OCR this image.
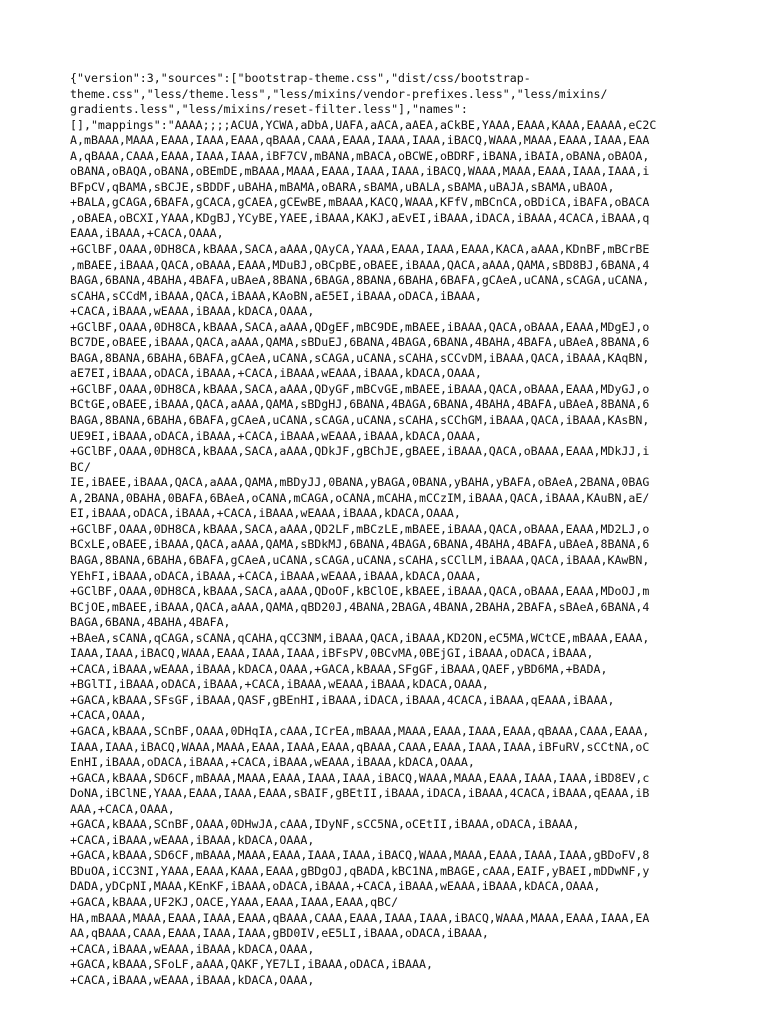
{"version":3,"sources":["bootstrap-theme.css","dist/css/bootstrap-
theme.css","less/theme.less","less/mixins/vendor-prefixes.less","less/mixins/
gradients.less","less/mixins/reset-filter.less"],"names":
[],"mappings":"AAAA;;;;ACUA,YCWA,aDbA,UAFA,aACA,aAEA,aCkBE,YAAA,EAAA,KAAA,EAAAA,eC2C
A,mBAAA,MAAA,EAAA,IAAA,EAAA,qBAAA,CAAA,EAAA,IAAA,IAAA,iBACQ,WAAA,MAAA,EAAA,IAAA,EAA
A,qBAAA,CAAA,EAAA,IAAA,IAAA,iBF7CV,mBANA,mBACA,oBCWE,oBDRF,iBANA,iBAIA,oBANA,oBAOA,
oBANA,oBAQA,oBANA,oBEmDE,mBAAA,MAAA,EAAA,IAAA,IAAA,iBACQ,WAAA,MAAA,EAAA,IAAA,IAAA,i
BFpCV,qBAMA,sBCJE,sBDDF,uBAHA,mBAMA,oBARA,sBAMA,uBALA,sBAMA,uBAJA,sBAMA,uBAOA,
+BALA,gCAGA,6BAFA,gCACA,gCAEA,gCEwBE,mBAAA,KACQ,WAAA,KFfV,mBCnCA,oBDiCA,iBAFA,oBACA
,oBAEA,oBCXI,YAAA,KDgBJ,YCyBE,YAEE,iBAAA,KAKJ,aEvEI,iBAAA,iDACA,iBAAA,4CACA,iBAAA,q
EAAA,iBAAA,+CACA,OAAA,
+GClBF,OAAA,0DH8CA,kBAAA,SACA,aAAA,QAyCA,YAAA,EAAA,IAAA,EAAA,KACA,aAAA,KDnBF,mBCrBE
,mBAEE,iBAAA,QACA,oBAAA,EAAA,MDuBJ,oBCpBE,oBAEE,iBAAA,QACA,aAAA,QAMA,sBD8BJ,6BANA,4
BAGA,6BANA,4BAHA,4BAFA,uBAeA,8BANA,6BAGA,8BANA,6BAHA,6BAFA,gCAeA,uCANA,sCAGA,uCANA,
sCAHA,sCCdM,iBAAA,QACA,iBAAA,KAoBN,aE5EI,iBAAA,oDACA,iBAAA,
+CACA,iBAAA,wEAAA,iBAAA,kDACA,OAAA,
+GClBF,OAAA,0DH8CA,kBAAA,SACA,aAAA,QDgEF,mBC9DE,mBAEE,iBAAA,QACA,oBAAA,EAAA,MDgEJ,o
BC7DE,oBAEE,iBAAA,QACA,aAAA,QAMA,sBDuEJ,6BANA,4BAGA,6BANA,4BAHA,4BAFA,uBAeA,8BANA,6
BAGA,8BANA,6BAHA,6BAFA,gCAeA,uCANA,sCAGA,uCANA,sCAHA,sCCvDM,iBAAA,QACA,iBAAA,KAqBN,
aE7EI,iBAAA,oDACA,iBAAA,+CACA,iBAAA,wEAAA,iBAAA,kDACA,OAAA,
+GClBF,OAAA,0DH8CA,kBAAA,SACA,aAAA,QDyGF,mBCvGE,mBAEE,iBAAA,QACA,oBAAA,EAAA,MDyGJ,o
BCtGE,oBAEE,iBAAA,QACA,aAAA,QAMA,sBDgHJ,6BANA,4BAGA,6BANA,4BAHA,4BAFA,uBAeA,8BANA,6
BAGA,8BANA,6BAHA,6BAFA,gCAeA,uCANA,sCAGA,uCANA,sCAHA,sCChGM,iBAAA,QACA,iBAAA,KAsBN,
UE9EI,iBAAA,oDACA,iBAAA,+CACA,iBAAA,wEAAA,iBAAA,kDACA,OAAA,
+GClBF,OAAA,0DH8CA,kBAAA,SACA,aAAA,QDkJF,gBChJE,gBAEE,iBAAA,QACA,oBAAA,EAAA,MDkJJ,i
BC/
IE,iBAEE,iBAAA,QACA,aAAA,QAMA,mBDyJJ,0BANA,yBAGA,0BANA,yBAHA,yBAFA,oBAeA,2BANA,0BAG
A,2BANA,0BAHA,0BAFA,6BAeA,oCANA,mCAGA,oCANA,mCAHA,mCCzIM,iBAAA,QACA,iBAAA,KAuBN,aE/
EI,iBAAA,oDACA,iBAAA,+CACA,iBAAA,wEAAA,iBAAA,kDACA,OAAA,
+GClBF,OAAA,0DH8CA,kBAAA,SACA,aAAA,QD2LF,mBCzLE,mBAEE,iBAAA,QACA,oBAAA,EAAA,MD2LJ,o
BCxLE,oBAEE,iBAAA,QACA,aAAA,QAMA,sBDkMJ,6BANA,4BAGA,6BANA,4BAHA,4BAFA,uBAeA,8BANA,6
BAGA,8BANA,6BAHA,6BAFA,gCAeA,uCANA,sCAGA,uCANA,sCAHA,sCClLM,iBAAA,QACA,iBAAA,KAwBN,
YEhFI,iBAAA,oDACA,iBAAA,+CACA,iBAAA,wEAAA,iBAAA,kDACA,OAAA,
+GClBF,OAAA,0DH8CA,kBAAA,SACA,aAAA,QDoOF,kBClOE,kBAEE,iBAAA,QACA,oBAAA,EAAA,MDoOJ,m
BCjOE,mBAEE,iBAAA,QACA,aAAA,QAMA,qBD20J,4BANA,2BAGA,4BANA,2BAHA,2BAFA,sBAeA,6BANA,4
BAGA,6BANA,4BAHA,4BAFA,
+BAeA,sCANA,qCAGA,sCANA,qCAHA,qCC3NM,iBAAA,QACA,iBAAA,KD2ON,eC5MA,WCtCE,mBAAA,EAAA,
IAAA,IAAA,iBACQ,WAAA,EAAA,IAAA,IAAA,iBFsPV,0BCvMA,0BEjGI,iBAAA,oDACA,iBAAA,
+CACA,iBAAA,wEAAA,iBAAA,kDACA,OAAA,+GACA,kBAAA,SFgGF,iBAAA,QAEF,yBD6MA,+BADA,
+BGlTI,iBAAA,oDACA,iBAAA,+CACA,iBAAA,wEAAA,iBAAA,kDACA,OAAA,
+GACA,kBAAA,SFsGF,iBAAA,QASF,gBEnHI,iBAAA,iDACA,iBAAA,4CACA,iBAAA,qEAAA,iBAAA,
+CACA,OAAA,
+GACA,kBAAA,SCnBF,OAAA,0DHqIA,cAAA,ICrEA,mBAAA,MAAA,EAAA,IAAA,EAAA,qBAAA,CAAA,EAAA,
IAAA,IAAA,iBACQ,WAAA,MAAA,EAAA,IAAA,EAAA,qBAAA,CAAA,EAAA,IAAA,IAAA,iBFuRV,sCCtNA,oC
EnHI,iBAAA,oDACA,iBAAA,+CACA,iBAAA,wEAAA,iBAAA,kDACA,OAAA,
+GACA,kBAAA,SD6CF,mBAAA,MAAA,EAAA,IAAA,IAAA,iBACQ,WAAA,MAAA,EAAA,IAAA,IAAA,iBD8EV,c
DoNA,iBClNE,YAAA,EAAA,IAAA,EAAA,sBAIF,gBEtII,iBAAA,iDACA,iBAAA,4CACA,iBAAA,qEAAA,iB
AAA,+CACA,OAAA,
+GACA,kBAAA,SCnBF,OAAA,0DHwJA,cAAA,IDyNF,sCC5NA,oCEtII,iBAAA,oDACA,iBAAA,
+CACA,iBAAA,wEAAA,iBAAA,kDACA,OAAA,
+GACA,kBAAA,SD6CF,mBAAA,MAAA,EAAA,IAAA,IAAA,iBACQ,WAAA,MAAA,EAAA,IAAA,IAAA,gBDoFV,8
BDuOA,iCC3NI,YAAA,EAAA,KAAA,EAAA,gBDgOJ,qBADA,kBC1NA,mBAGE,cAAA,EAIF,yBAEI,mDDwNF,y
DADA,yDCpNI,MAAA,KEnKF,iBAAA,oDACA,iBAAA,+CACA,iBAAA,wEAAA,iBAAA,kDACA,OAAA,
+GACA,kBAAA,UF2KJ,OACE,YAAA,EAAA,IAAA,EAAA,qBC/
HA,mBAAA,MAAA,EAAA,IAAA,EAAA,qBAAA,CAAA,EAAA,IAAA,IAAA,iBACQ,WAAA,MAAA,EAAA,IAAA,EA
AA,qBAAA,CAAA,EAAA,IAAA,IAAA,gBD0IV,eE5LI,iBAAA,oDACA,iBAAA,
+CACA,iBAAA,wEAAA,iBAAA,kDACA,OAAA,
+GACA,kBAAA,SFoLF,aAAA,QAKF,YE7LI,iBAAA,oDACA,iBAAA,
+CACA,iBAAA,wEAAA,iBAAA,kDACA,OAAA,
